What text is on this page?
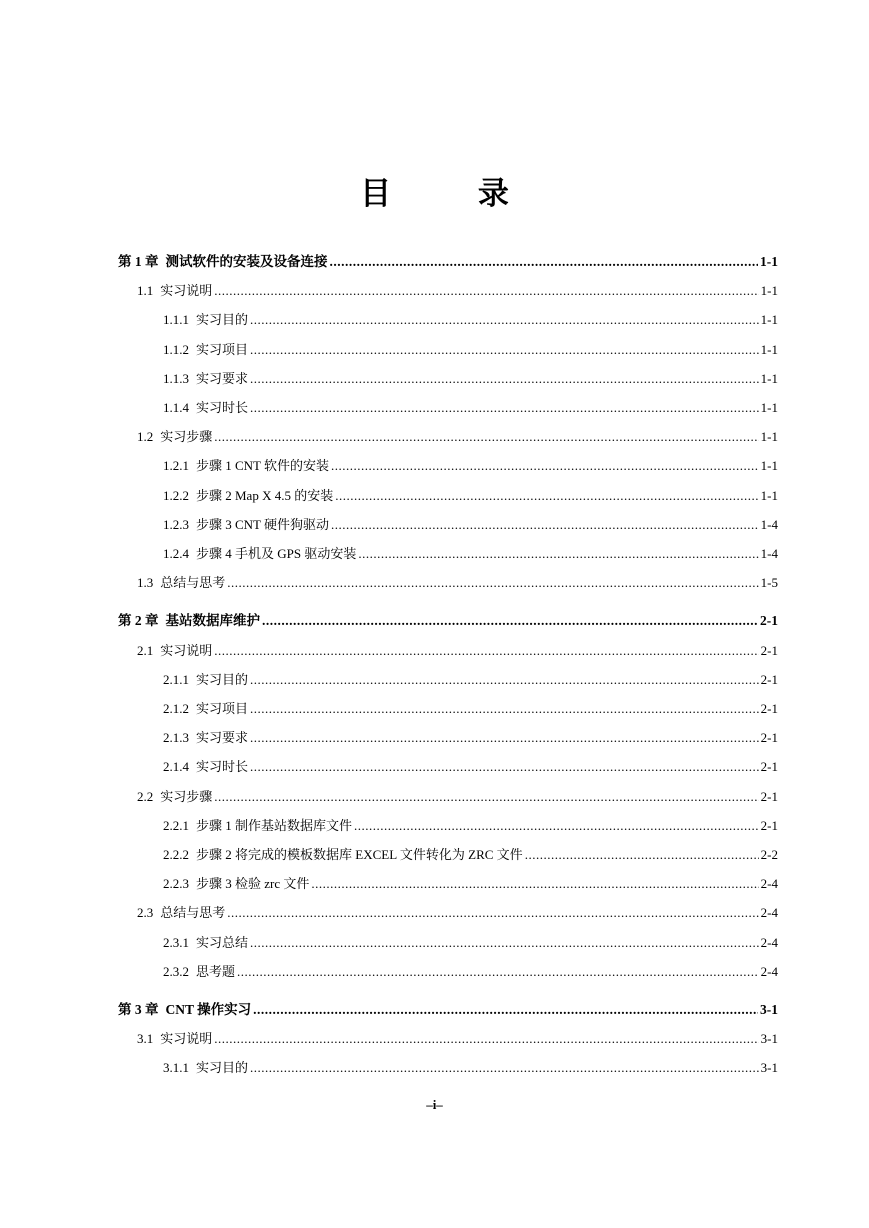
目　录
第 1 章 测试软件的安装及设备连接 .....	1-1
1.1 实习说明 .....	1-1
1.1.1 实习目的 .....	1-1
1.1.2 实习项目 .....	1-1
1.1.3 实习要求 .....	1-1
1.1.4 实习时长 .....	1-1
1.2 实习步骤 .....	1-1
1.2.1 步骤 1 CNT 软件的安装 .....	1-1
1.2.2 步骤 2 Map X 4.5 的安装 .....	1-1
1.2.3 步骤 3 CNT 硬件狗驱动 .....	1-4
1.2.4 步骤 4 手机及 GPS 驱动安装 .....	1-4
1.3 总结与思考 .....	1-5
第 2 章 基站数据库维护 .....	2-1
2.1 实习说明 .....	2-1
2.1.1 实习目的 .....	2-1
2.1.2 实习项目 .....	2-1
2.1.3 实习要求 .....	2-1
2.1.4 实习时长 .....	2-1
2.2 实习步骤 .....	2-1
2.2.1 步骤 1 制作基站数据库文件 .....	2-1
2.2.2 步骤 2 将完成的模板数据库 EXCEL 文件转化为 ZRC 文件 .....	2-2
2.2.3 步骤 3 检验 zrc 文件 .....	2-4
2.3 总结与思考 .....	2-4
2.3.1 实习总结 .....	2-4
2.3.2 思考题 .....	2-4
第 3 章 CNT 操作实习 .....	3-1
3.1 实习说明 .....	3-1
3.1.1 实习目的 .....	3-1
–i–
